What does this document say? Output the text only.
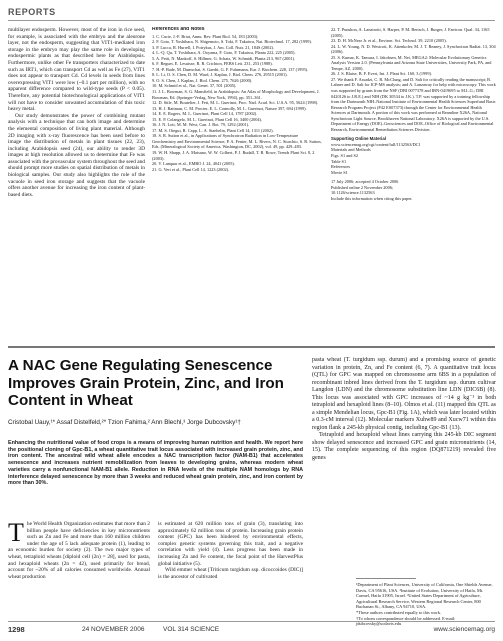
REPORTS

multilayer endosperm. However, most of the iron in rice seed, for example, is associated with the embryo and the aleurone layer, not the endosperm, suggesting that VIT1-mediated iron storage in the embryo may play the same role in developing endospermic plants as that described here for Arabidopsis. Furthermore, unlike other Fe transporters characterized to date such as IRT1, which can transport Cd as well as Fe (27), VIT1 does not appear to transport Cd. Cd levels in seeds from lines overexpressing VIT1 were low (~0.1 part per million), with no apparent difference compared to wild-type seeds (P < 0.05). Therefore, any potential biotechnological applications of VIT1 will not have to consider unwanted accumulation of this toxic heavy metal.

Our study demonstrates the power of combining mutant analysis with a technique that can both image and determine the elemental composition of living plant material. Although 2D imaging with x-ray fluorescence has been used before to image the distribution of metals in plant tissues (22, 23), including Arabidopsis seed (24), our ability to render 3D images at high resolution allowed us to determine that Fe was associated with the provascular system throughout the seed and should prompt more studies on spatial distribution of metals in biological samples. Our study also highlights the role of the vacuole in seed iron storage and suggests that the vacuole offers another avenue for increasing the iron content of plant-based diets.

References and Notes
1. C. Curie, J.-F. Briat, Annu. Rev. Plant Biol. 54, 183 (2003).
2. F. Goto, T. Yoshihara, N. Shigemoto, S. Toki, F. Takaiwa, Nat. Biotechnol. 17, 282 (1999).
3. P. Lucca, R. Hurrell, I. Potrykus, J. Am. Coll. Nutr. 21, 184S (2002).
4. L.-Q. Qu, T. Yoshihara, A. Ooyama, F. Goto, F. Takaiwa, Planta 222, 225 (2005).
5. A. Petit, N. Mankoff, S. Hillmer, G. Schatz, W. Schmidt, Planta 213, 967 (2001).
6. F. Reguet, E. Lesuisse, R. R. Crichton, FEBS Lett. 231, 253 (1988).
7. H.-P. Bade, M. Dumschat, S. Gaedtt, G. F. Fuhrmann, Eur. J. Biochem. 228, 137 (1995).
8. L. Li, O. S. Chen, D. M. Ward, J. Kaplan, J. Biol. Chem. 276, 29515 (2001).
9. O. S. Chen, J. Kaplan, J. Biol. Chem. 275, 7626 (2000).
10. M. Schmid et al., Nat. Genet. 37, 501 (2005).
11. J. L. Bowman, S. G. Mansfield, in Arabidopsis: An Atlas of Morphology and Development, J. Bowman, Ed. (Springer-Verlag, New York, 1994), pp. 351–361.
12. D. Stile, M. Boutelier, J. Fett, M. L. Guerinot, Proc. Natl. Acad. Sci. U.S.A. 95, 5624 (1998).
13. H. J. Rattman, C. M. Procter, E. L. Connolly, M. L. Guerinot, Nature 397, 694 (1999).
14. E. E. Rogers, M. L. Guerinot, Plant Cell 14, 1787 (2002).
15. E. P. Colangelo, M. L. Guerinot, Plant Cell 16, 3400 (2004).
16. J. N. Lott, M. M. West, Can. J. Bot. 79, 1292 (2001).
17. M. S. Otegui, R. Capp, L. A. Staehelin, Plant Cell 14, 1311 (2002).
18. S. R. Sutton et al., in Applications of Synchrotron Radiation in Low-Temperature Geochemistry and Environmental Science, P. A. Fenter, M. L. Rivers, N. C. Sturchio, S. R. Sutton, Eds. (Mineralogical Society of America, Washington, DC, 2002), vol. 49, pp. 429–483.
19. W. H. Shapp, J. A. Maisano, W. W. Colbert, P. J. Rudall, T. B. Rowe, Trends Plant Sci. 8, 2 (2003).
20. V. Lanquar et al., EMBO J. 24, 4041 (2005).
21. G. Vert et al., Plant Cell 14, 1223 (2002).
22. T. Punshon, A. Lanzirotti, S. Harper, P. M. Bertsch, J. Burger, J. Environ. Qual. 34, 1165 (2005).
23. D. H. McNear Jr. et al., Environ. Sci. Technol. 39, 2210 (2005).
24. L. W. Young, N. D. Westcott, K. Attenkofer, M. J. T. Reaney, J. Synchrotron Radiat. 13, 304 (2006).
25. S. Kumar, K. Tamura, I. Jakobsen, M. Nei, MEGA2: Molecular Evolutionary Genetics Analysis Version 2.0. (Pennsylvania and Arizona State Universities, University Park, PA, and Tempe, AZ, 2000).
26. J. S. Blaise, B. F. Evert, Int. J. Plant Sci. 160, 3 (1999).
27. We thank F. Assadzi, C. R. McClung, and D. Salt for critically reading the manuscript; B. Lahner and D. Salt for ICP-MS analysis; and A. Lanzaway for help with microscopy. This work was supported by grants from the NSF (DBI 0077378 and IBN-0419695 to M.L.G.; DBI 0420126 to J.R.E.) and NIH (DK 30534 to J.K.). T.P. was supported by a training fellowship from the Dartmouth NIH–National Institute of Environmental Health Sciences Superfund Basic Research Program Project (P42 ES07373) through the Center for Environmental Health Sciences at Dartmouth. A portion of this work was performed at Beamline X26A, National Synchrotron Light Source, Brookhaven National Laboratory. X26A is supported by the U.S. Department of Energy (DOE)–Geosciences and DOE–Office of Biological and Environmental Research, Environmental Remediation Sciences Division.
Supporting Online Material
www.sciencemag.org/cgi/content/full/1132563/DC1
Materials and Methods
Figs. S1 and S2
Table S1
References
Movie S1
17 July 2006; accepted 4 October 2006
Published online 2 November 2006;
10.1126/science.1132563
Include this information when citing this paper.
A NAC Gene Regulating Senescence Improves Grain Protein, Zinc, and Iron Content in Wheat
Cristobal Uauy,¹* Assaf Distelfeld,²* Tzion Fahima,² Ann Blechl,³ Jorge Dubcovsky¹†
Enhancing the nutritional value of food crops is a means of improving human nutrition and health. We report here the positional cloning of Gpc-B1, a wheat quantitative trait locus associated with increased grain protein, zinc, and iron content. The ancestral wild wheat allele encodes a NAC transcription factor (NAM-B1) that accelerates senescence and increases nutrient remobilization from leaves to developing grains, whereas modern wheat varieties carry a nonfunctional NAM-B1 allele. Reduction in RNA levels of the multiple NAM homologs by RNA interference delayed senescence by more than 3 weeks and reduced wheat grain protein, zinc, and iron content by more than 30%.

The World Health Organization estimates that more than 2 billion people have deficiencies in key micronutrients such as Zn and Fe and more than 160 million children under the age of 5 lack adequate protein (1), leading to an economic burden for society (2). The two major types of wheat, tetraploid wheats [diploid cell (2n) = 28], used for pasta, and hexaploid wheats (2n = 42), used primarily for bread, account for ~20% of all calories consumed worldwide. Annual wheat production

is estimated at 620 million tons of grain (3), translating into approximately 62 million tons of protein. Increasing grain protein content (GPC) has been hindered by environmental effects, complex genetic systems governing this trait, and a negative correlation with yield (4). Less progress has been made in increasing Zn and Fe content, the focal point of the HarvestPlus global initiative (5).

Wild emmer wheat [Triticum turgidum ssp. dicoccoides (DIC)] is the ancestor of cultivated

pasta wheat (T. turgidum ssp. durum) and a promising source of genetic variation in protein, Zn, and Fe content (6, 7). A quantitative trait locus (QTL) for GPC was mapped on chromosome arm 6BS in a population of recombinant inbred lines derived from the T. turgidum ssp. durum cultivar Langdon (LDN) and the chromosome substitution line LDN (DIC6B) (8). This locus was associated with GPC increases of ~14 g kg⁻¹ in both tetraploid and hexaploid lines (8–10). Olmos et al. (11) mapped this QTL as a simple Mendelian locus, Gpc-B1 (Fig. 1A), which was later located within a 0.3-cM interval (12). Molecular markers Xuhw89 and Xucw71 within this region flank a 245-kb physical contig, including Gpc-B1 (13).

Tetraploid and hexaploid wheat lines carrying this 245-kb DIC segment show delayed senescence and increased GPC and grain micronutrients (14, 15). The complete sequencing of this region (DQ871219) revealed five genes

¹Department of Plant Sciences, University of California, One Shields Avenue, Davis, CA 95616, USA. ²Institute of Evolution, University of Haifa, Mt. Carmel, Haifa 31905, Israel. ³United States Department of Agriculture, Agricultural Research Service, Western Regional Research Center, 800 Buchanan St., Albany, CA 94710, USA.
*These authors contributed equally to this work.
†To whom correspondence should be addressed. E-mail: jdubcovsky@ucdavis.edu
1298	24 NOVEMBER 2006	VOL 314 SCIENCE	www.sciencemag.org
